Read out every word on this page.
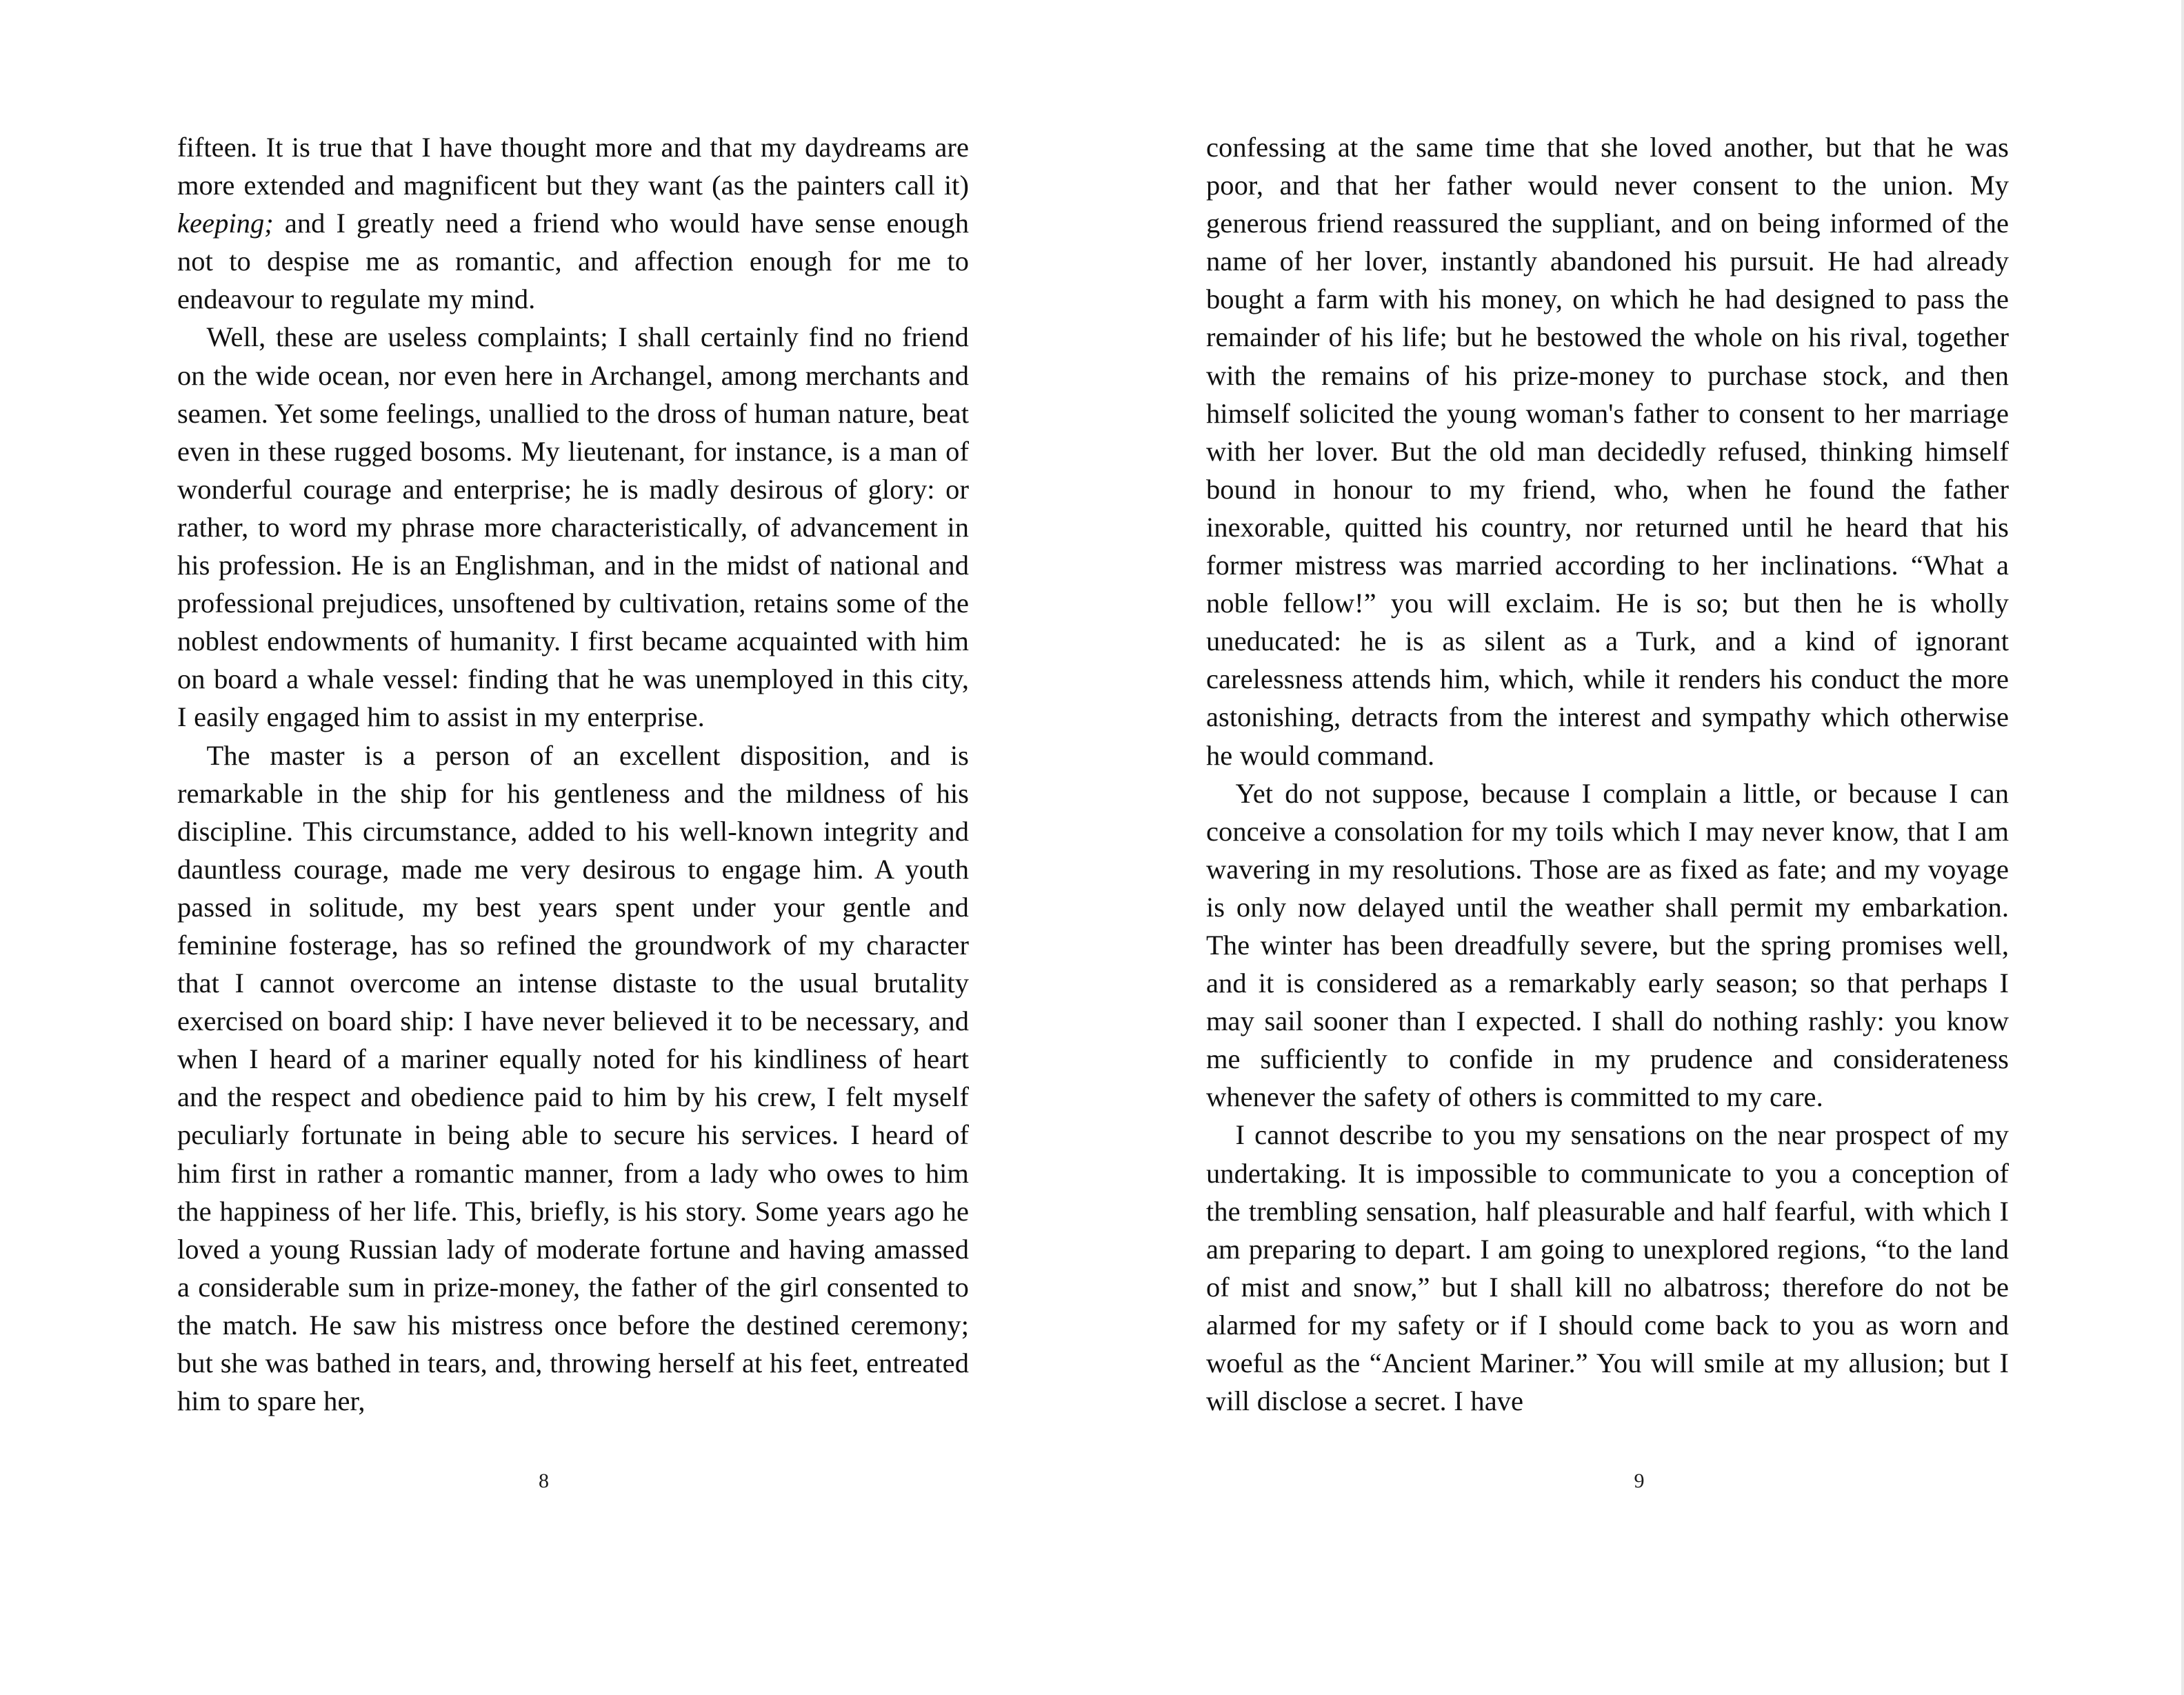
fifteen. It is true that I have thought more and that my daydreams are more extended and magnificent but they want (as the painters call it) keeping; and I greatly need a friend who would have sense enough not to despise me as romantic, and affection enough for me to endeavour to regulate my mind.

Well, these are useless complaints; I shall certainly find no friend on the wide ocean, nor even here in Archangel, among merchants and seamen. Yet some feelings, unallied to the dross of human nature, beat even in these rugged bosoms. My lieutenant, for instance, is a man of wonderful courage and enterprise; he is madly desirous of glory: or rather, to word my phrase more characteristically, of advancement in his profession. He is an Englishman, and in the midst of national and professional prejudices, unsoftened by cultivation, retains some of the noblest endowments of humanity. I first became acquainted with him on board a whale vessel: finding that he was unemployed in this city, I easily engaged him to assist in my enterprise.

The master is a person of an excellent disposition, and is remarkable in the ship for his gentleness and the mildness of his discipline. This circumstance, added to his well-known integrity and dauntless courage, made me very desirous to engage him. A youth passed in solitude, my best years spent under your gentle and feminine fosterage, has so refined the groundwork of my character that I cannot overcome an intense distaste to the usual brutality exercised on board ship: I have never believed it to be necessary, and when I heard of a mariner equally noted for his kindliness of heart and the respect and obedience paid to him by his crew, I felt myself peculiarly fortunate in being able to secure his services. I heard of him first in rather a romantic manner, from a lady who owes to him the happiness of her life. This, briefly, is his story. Some years ago he loved a young Russian lady of moderate fortune and having amassed a considerable sum in prize-money, the father of the girl consented to the match. He saw his mistress once before the destined ceremony; but she was bathed in tears, and, throwing herself at his feet, entreated him to spare her,

8

confessing at the same time that she loved another, but that he was poor, and that her father would never consent to the union. My generous friend reassured the suppliant, and on being informed of the name of her lover, instantly abandoned his pursuit. He had already bought a farm with his money, on which he had designed to pass the remainder of his life; but he bestowed the whole on his rival, together with the remains of his prize-money to purchase stock, and then himself solicited the young woman's father to consent to her marriage with her lover. But the old man decidedly refused, thinking himself bound in honour to my friend, who, when he found the father inexorable, quitted his country, nor returned until he heard that his former mistress was married according to her inclinations. “What a noble fellow!” you will exclaim. He is so; but then he is wholly uneducated: he is as silent as a Turk, and a kind of ignorant carelessness attends him, which, while it renders his conduct the more astonishing, detracts from the interest and sympathy which otherwise he would command.

Yet do not suppose, because I complain a little, or because I can conceive a consolation for my toils which I may never know, that I am wavering in my resolutions. Those are as fixed as fate; and my voyage is only now delayed until the weather shall permit my embarkation. The winter has been dreadfully severe, but the spring promises well, and it is considered as a remarkably early season; so that perhaps I may sail sooner than I expected. I shall do nothing rashly: you know me sufficiently to confide in my prudence and considerateness whenever the safety of others is committed to my care.

I cannot describe to you my sensations on the near prospect of my undertaking. It is impossible to communicate to you a conception of the trembling sensation, half pleasurable and half fearful, with which I am preparing to depart. I am going to unexplored regions, “to the land of mist and snow,” but I shall kill no albatross; therefore do not be alarmed for my safety or if I should come back to you as worn and woeful as the “Ancient Mariner.” You will smile at my allusion; but I will disclose a secret. I have

9
